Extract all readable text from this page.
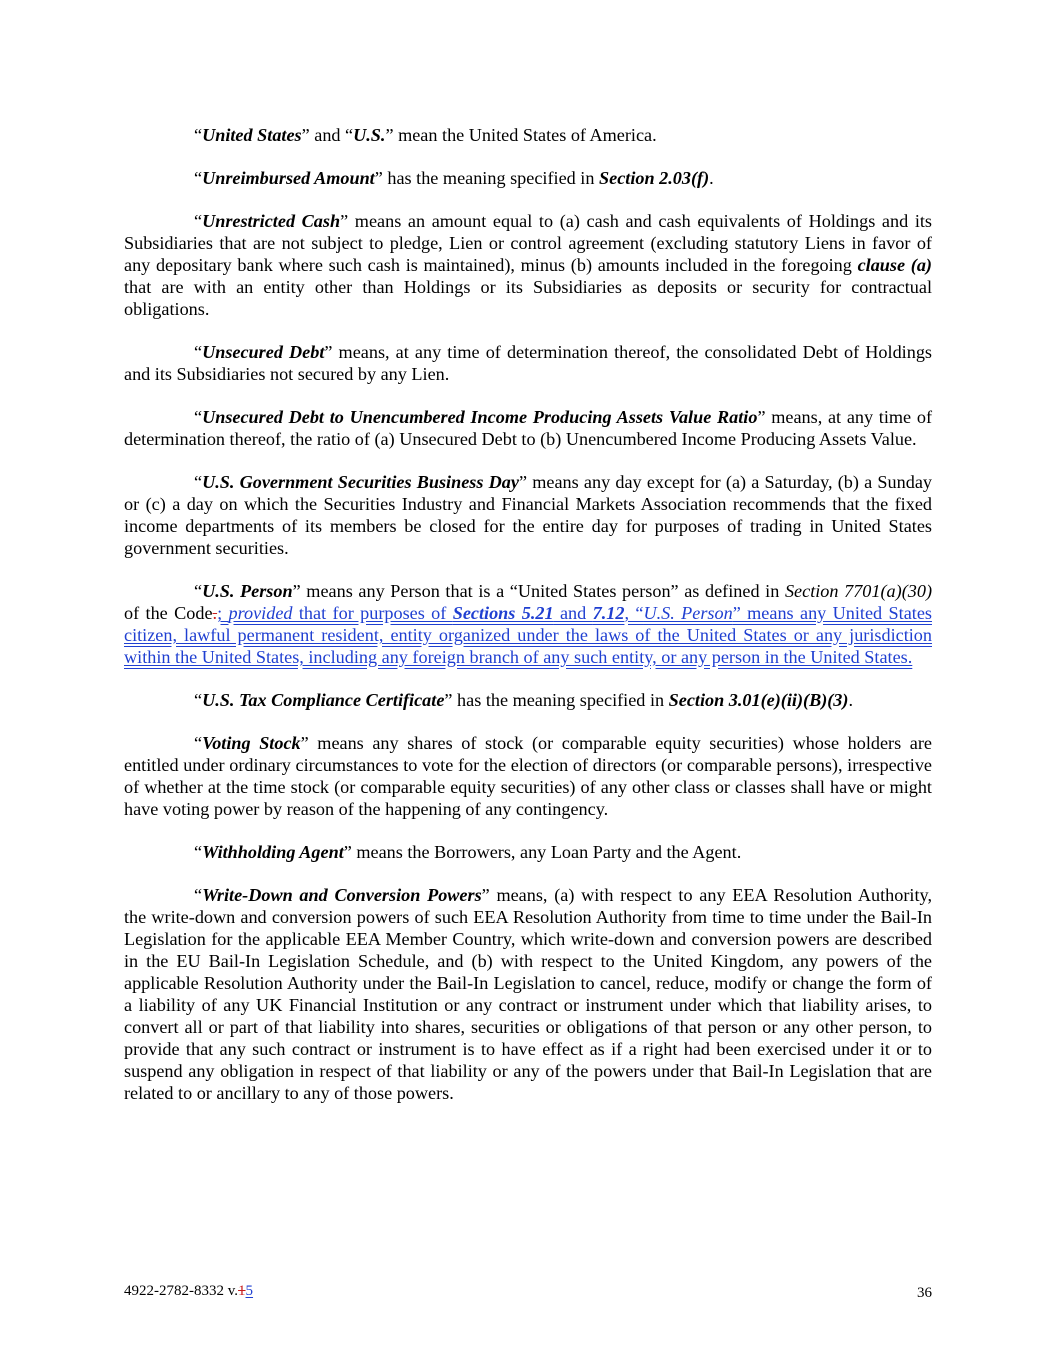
“United States” and “U.S.” mean the United States of America.

“Unreimbursed Amount” has the meaning specified in Section 2.03(f).

“Unrestricted Cash” means an amount equal to (a) cash and cash equivalents of Holdings and its Subsidiaries that are not subject to pledge, Lien or control agreement (excluding statutory Liens in favor of any depositary bank where such cash is maintained), minus (b) amounts included in the foregoing clause (a) that are with an entity other than Holdings or its Subsidiaries as deposits or security for contractual obligations.

“Unsecured Debt” means, at any time of determination thereof, the consolidated Debt of Holdings and its Subsidiaries not secured by any Lien.

“Unsecured Debt to Unencumbered Income Producing Assets Value Ratio” means, at any time of determination thereof, the ratio of (a) Unsecured Debt to (b) Unencumbered Income Producing Assets Value.

“U.S. Government Securities Business Day” means any day except for (a) a Saturday, (b) a Sunday or (c) a day on which the Securities Industry and Financial Markets Association recommends that the fixed income departments of its members be closed for the entire day for purposes of trading in United States government securities.

“U.S. Person” means any Person that is a “United States person” as defined in Section 7701(a)(30) of the Code.; provided that for purposes of Sections 5.21 and 7.12, “U.S. Person” means any United States citizen, lawful permanent resident, entity organized under the laws of the United States or any jurisdiction within the United States, including any foreign branch of any such entity, or any person in the United States.

“U.S. Tax Compliance Certificate” has the meaning specified in Section 3.01(e)(ii)(B)(3).

“Voting Stock” means any shares of stock (or comparable equity securities) whose holders are entitled under ordinary circumstances to vote for the election of directors (or comparable persons), irrespective of whether at the time stock (or comparable equity securities) of any other class or classes shall have or might have voting power by reason of the happening of any contingency.

“Withholding Agent” means the Borrowers, any Loan Party and the Agent.

“Write-Down and Conversion Powers” means, (a) with respect to any EEA Resolution Authority, the write-down and conversion powers of such EEA Resolution Authority from time to time under the Bail-In Legislation for the applicable EEA Member Country, which write-down and conversion powers are described in the EU Bail-In Legislation Schedule, and (b) with respect to the United Kingdom, any powers of the applicable Resolution Authority under the Bail-In Legislation to cancel, reduce, modify or change the form of a liability of any UK Financial Institution or any contract or instrument under which that liability arises, to convert all or part of that liability into shares, securities or obligations of that person or any other person, to provide that any such contract or instrument is to have effect as if a right had been exercised under it or to suspend any obligation in respect of that liability or any of the powers under that Bail-In Legislation that are related to or ancillary to any of those powers.

4922-2782-8332 v.15	36
